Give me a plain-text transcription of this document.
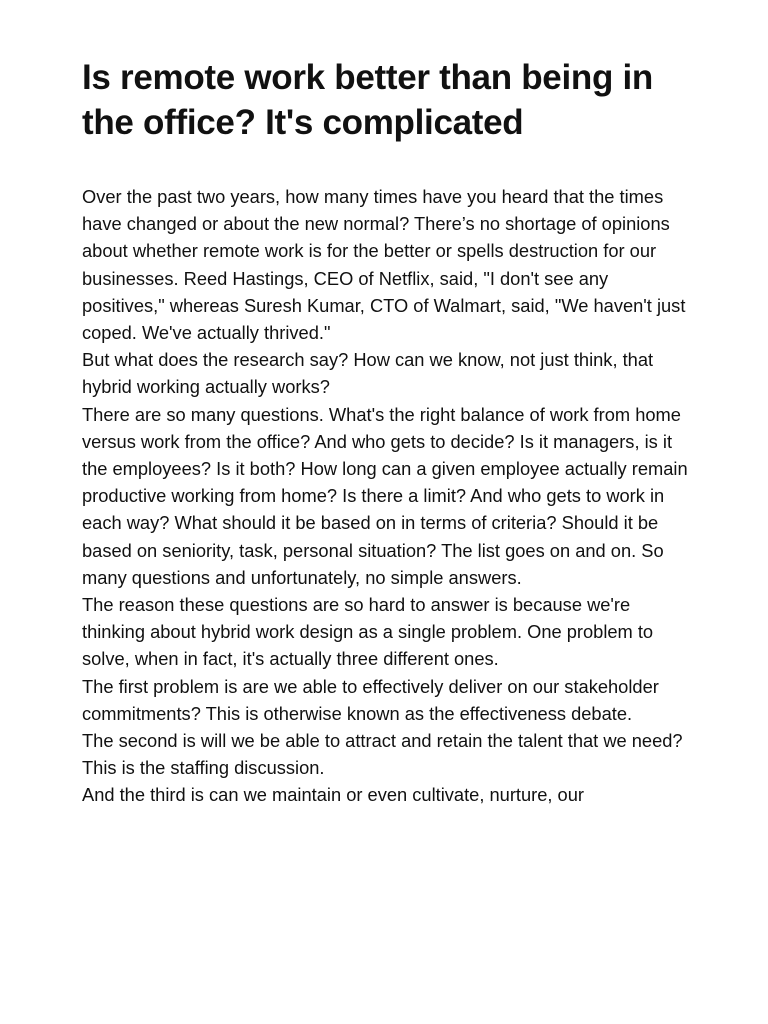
Is remote work better than being in the office? It's complicated

Over the past two years, how many times have you heard that the times have changed or about the new normal? There’s no shortage of opinions about whether remote work is for the better or spells destruction for our businesses. Reed Hastings, CEO of Netflix, said, "I don't see any positives," whereas Suresh Kumar, CTO of Walmart, said, "We haven't just coped. We've actually thrived."

But what does the research say? How can we know, not just think, that hybrid working actually works?

There are so many questions. What's the right balance of work from home versus work from the office? And who gets to decide? Is it managers, is it the employees? Is it both? How long can a given employee actually remain productive working from home? Is there a limit? And who gets to work in each way? What should it be based on in terms of criteria? Should it be based on seniority, task, personal situation? The list goes on and on. So many questions and unfortunately, no simple answers.

The reason these questions are so hard to answer is because we're thinking about hybrid work design as a single problem. One problem to solve, when in fact, it's actually three different ones.

The first problem is are we able to effectively deliver on our stakeholder commitments? This is otherwise known as the effectiveness debate.

The second is will we be able to attract and retain the talent that we need? This is the staffing discussion.

And the third is can we maintain or even cultivate, nurture, our
